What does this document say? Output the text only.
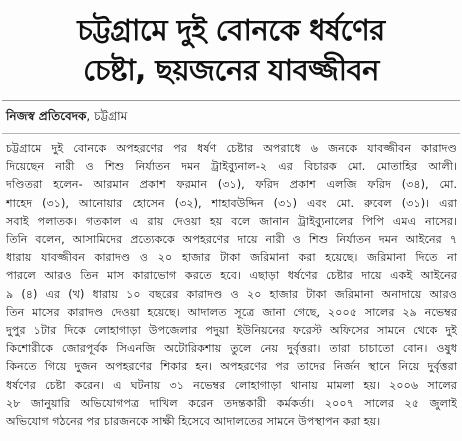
চট্টগ্রামে দুই বোনকে ধর্ষণের
চেষ্টা, ছয়জনের যাবজ্জীবন
নিজস্ব প্রতিবেদক, চট্টগ্রাম
চট্টগ্রামে দুই বোনকে অপহরণের পর ধর্ষণ চেষ্টার অপরাধে ৬ জনকে যাবজ্জীবন কারাদণ্ড
দিয়েছেন নারী ও শিশু নির্যাতন দমন ট্রাইব্যুনাল-২ এর বিচারক মো. মোতাহির আলী।
দণ্ডিতরা হলেন- আরমান প্রকাশ ফরমান (৩১), ফরিদ প্রকাশ এলজি ফরিদ (৩৪), মো.
শাহেদ (৩১), আনোয়ার হোসেন (৩২), শাহাবউদ্দিন (৩১) এবং মো. রুবেল (৩১)। এরা
সবাই পলাতক। গতকাল এ রায় দেওয়া হয় বলে জানান ট্রাইব্যুনালের পিপি এমএ নাসের।
তিনি বলেন, আসামিদের প্রত্যেককে অপহরণের দায়ে নারী ও শিশু নির্যাতন দমন আইনের ৭
ধারায় যাবজ্জীবন কারাদণ্ড ও ২০ হাজার টাকা জরিমানা করা হয়েছে। জরিমানা দিতে না
পারলে আরও তিন মাস কারাভোগ করতে হবে। এছাড়া ধর্ষণের চেষ্টার দায়ে একই আইনের
৯ (৪) এর (খ) ধারায় ১০ বছরের কারাদণ্ড ও ২০ হাজার টাকা জরিমানা অনাদায়ে আরও
তিন মাসের কারাদণ্ড দেওয়া হয়েছে। আদালত সূত্রে জানা গেছে, ২০০৫ সালের ২৯ নভেম্বর
দুপুর ১টার দিকে লোহাগাড়া উপজেলার পদুয়া ইউনিয়নের ফরেস্ট অফিসের সামনে থেকে দুই
কিশোরীকে জোরপূর্বক সিএনজি অটোরিকশায় তুলে নেয় দুর্বৃত্তরা। তারা চাচাতো বোন। ওষুধ
কিনতে গিয়ে দুজন অপহরণের শিকার হন। অপহরণের পর তাদের নির্জন স্থানে নিয়ে দুর্বৃত্তরা
ধর্ষণের চেষ্টা করেন। এ ঘটনায় ৩১ নভেম্বর লোহাগাড়া থানায় মামলা হয়। ২০০৬ সালের
২৮ জানুয়ারি অভিযোগপত্র দাখিল করেন তদন্তকারী কর্মকর্তা। ২০০৭ সালের ২৫ জুলাই
অভিযোগ গঠনের পর চারজনকে সাক্ষী হিসেবে আদালতের সামনে উপস্থাপন করা হয়।
